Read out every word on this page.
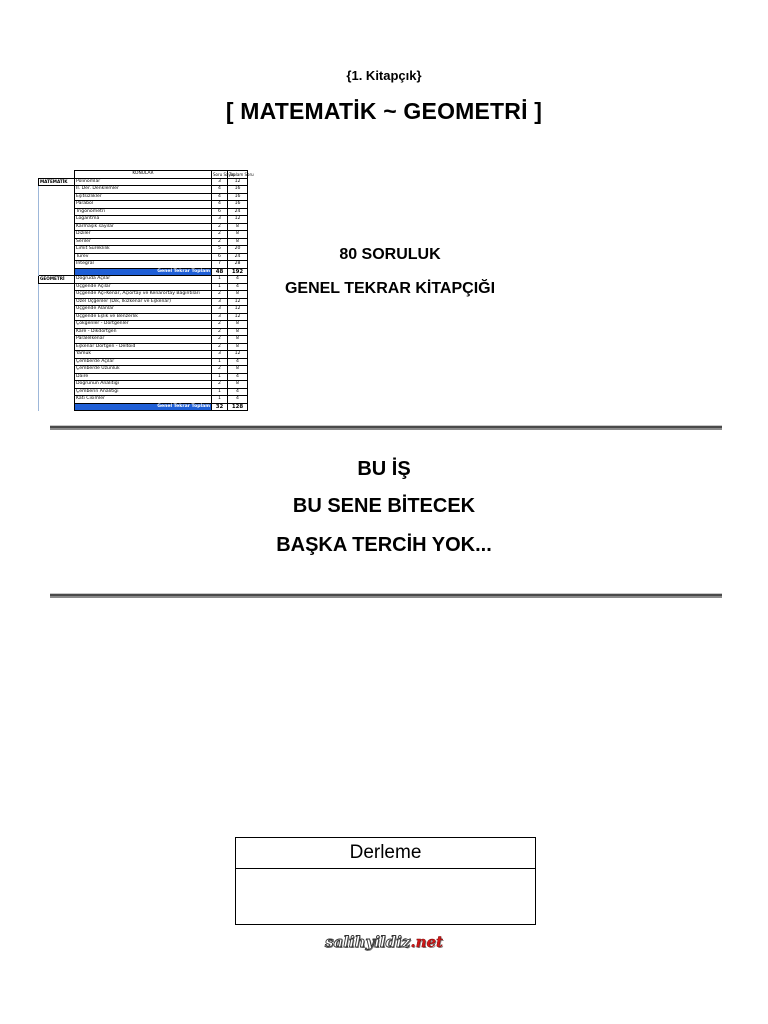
{1. Kitapçık}
[ MATEMATİK ~ GEOMETRİ ]
	KONULAR	Soru Sayısı	Toplam Soru
MATEMATİK	Polinomlar	3	12
	II. Der. Denklemler	4	16
	Eşitsizlikler	4	16
	Parabol	4	16
	Trigonometri	6	24
	Logaritma	3	12
	Karmaşık sayılar	2	8
	Diziler	2	8
	Seriler	2	8
	Limit Süreklilik	5	20
	Türev	6	24
	İntegral	7	28
	Genel Tekrar Toplam	48	192
GEOMETRİ	Doğruda Açılar	1	4
	Üçgende Açılar	1	4
	Üçgende Açı-Kenar, Açıortay ve Kenarortay Bağıntıları	2	8
	Özel Üçgenler (Dik, İkizkenar ve Eşkenar)	3	12
	Üçgende Alanlar	3	12
	Üçgende Eşlik ve Benzerlik	3	12
	Çokgenler - Dörtgenler	2	8
	Kare - Dikdörtgen	2	8
	Paralelkenar	2	8
	Eşkenar Dörtgen - Deltoid	2	8
	Yamuk	3	12
	Çemberde Açılar	1	4
	Çemberde Uzunluk	2	8
	Daire	1	4
	Doğrunun Analitiği	2	8
	Çemberin Analitiği	1	4
	Katı Cisimler	1	4
	Genel Tekrar Toplam	32	128
80 SORULUK
GENEL TEKRAR KİTAPÇIĞI
BU İŞ
BU SENE BİTECEK
BAŞKA TERCİH YOK...
Derleme
salihyildiz.net
